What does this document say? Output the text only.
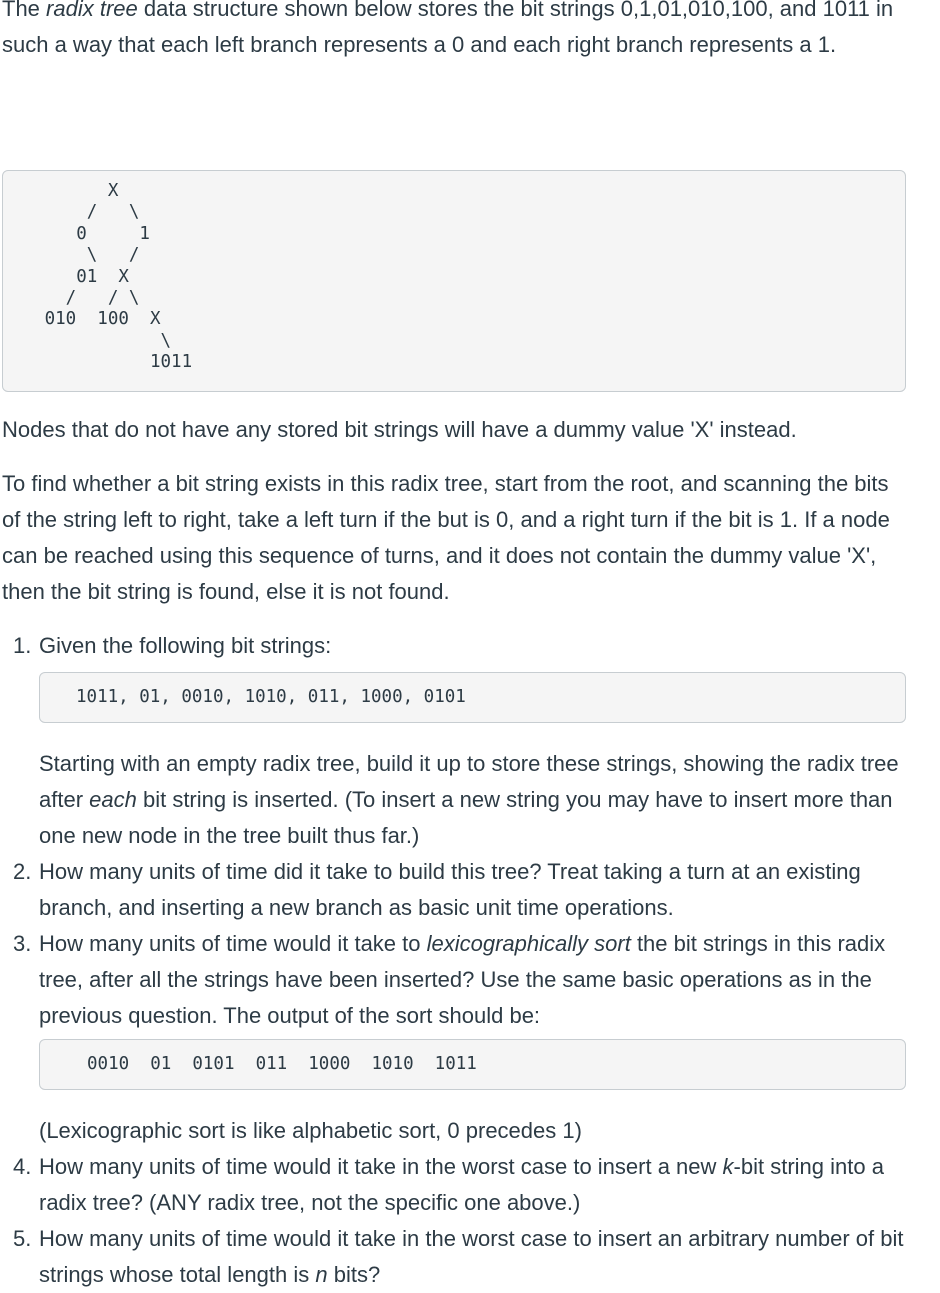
The radix tree data structure shown below stores the bit strings 0,1,01,010,100, and 1011 in such a way that each left branch represents a 0 and each right branch represents a 1.

X
/   \
0     1
\   /
01  X
/   / \
010  100  X
\
1011

Nodes that do not have any stored bit strings will have a dummy value 'X' instead.

To find whether a bit string exists in this radix tree, start from the root, and scanning the bits of the string left to right, take a left turn if the but is 0, and a right turn if the bit is 1. If a node can be reached using this sequence of turns, and it does not contain the dummy value 'X', then the bit string is found, else it is not found.

1. Given the following bit strings:

1011, 01, 0010, 1010, 011, 1000, 0101

Starting with an empty radix tree, build it up to store these strings, showing the radix tree after each bit string is inserted. (To insert a new string you may have to insert more than one new node in the tree built thus far.)

2. How many units of time did it take to build this tree? Treat taking a turn at an existing branch, and inserting a new branch as basic unit time operations.

3. How many units of time would it take to lexicographically sort the bit strings in this radix tree, after all the strings have been inserted? Use the same basic operations as in the previous question. The output of the sort should be:

0010  01  0101  011  1000  1010  1011

(Lexicographic sort is like alphabetic sort, 0 precedes 1)

4. How many units of time would it take in the worst case to insert a new k-bit string into a radix tree? (ANY radix tree, not the specific one above.)

5. How many units of time would it take in the worst case to insert an arbitrary number of bit strings whose total length is n bits?
